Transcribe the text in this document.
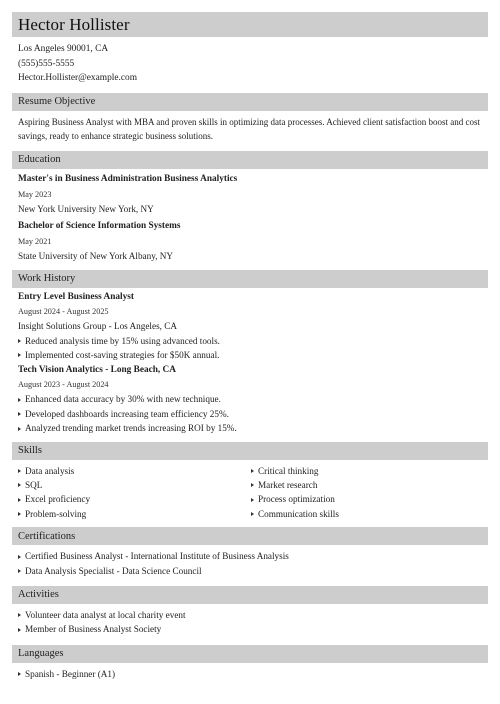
Hector Hollister
Los Angeles 90001, CA
(555)555-5555
Hector.Hollister@example.com
Resume Objective
Aspiring Business Analyst with MBA and proven skills in optimizing data processes. Achieved client satisfaction boost and cost savings, ready to enhance strategic business solutions.
Education
Master's in Business Administration Business Analytics
May 2023
New York University New York, NY
Bachelor of Science Information Systems
May 2021
State University of New York Albany, NY
Work History
Entry Level Business Analyst
August 2024 - August 2025
Insight Solutions Group - Los Angeles, CA
Reduced analysis time by 15% using advanced tools.
Implemented cost-saving strategies for $50K annual.
Tech Vision Analytics - Long Beach, CA
August 2023 - August 2024
Enhanced data accuracy by 30% with new technique.
Developed dashboards increasing team efficiency 25%.
Analyzed trending market trends increasing ROI by 15%.
Skills
Data analysis
SQL
Excel proficiency
Problem-solving
Critical thinking
Market research
Process optimization
Communication skills
Certifications
Certified Business Analyst - International Institute of Business Analysis
Data Analysis Specialist - Data Science Council
Activities
Volunteer data analyst at local charity event
Member of Business Analyst Society
Languages
Spanish - Beginner (A1)
